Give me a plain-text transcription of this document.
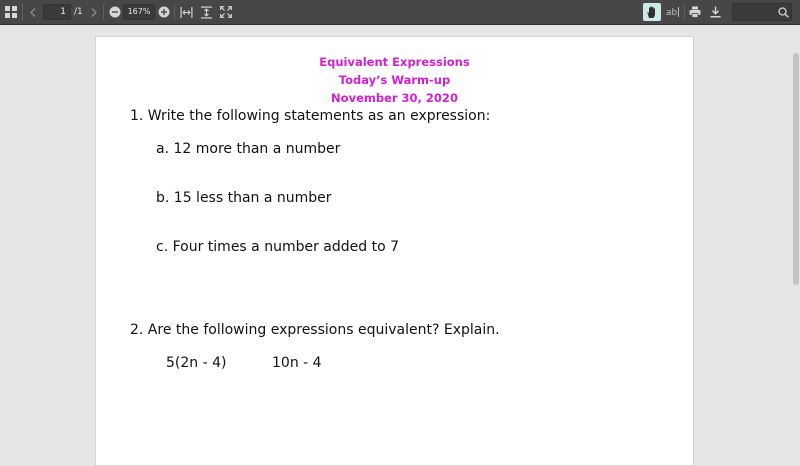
1 /1	167%	ab
Equivalent Expressions
Today’s Warm-up
November 30, 2020
1. Write the following statements as an expression:
a. 12 more than a number
b. 15 less than a number
c. Four times a number added to 7
2. Are the following expressions equivalent? Explain.
5(2n - 4)	10n - 4
